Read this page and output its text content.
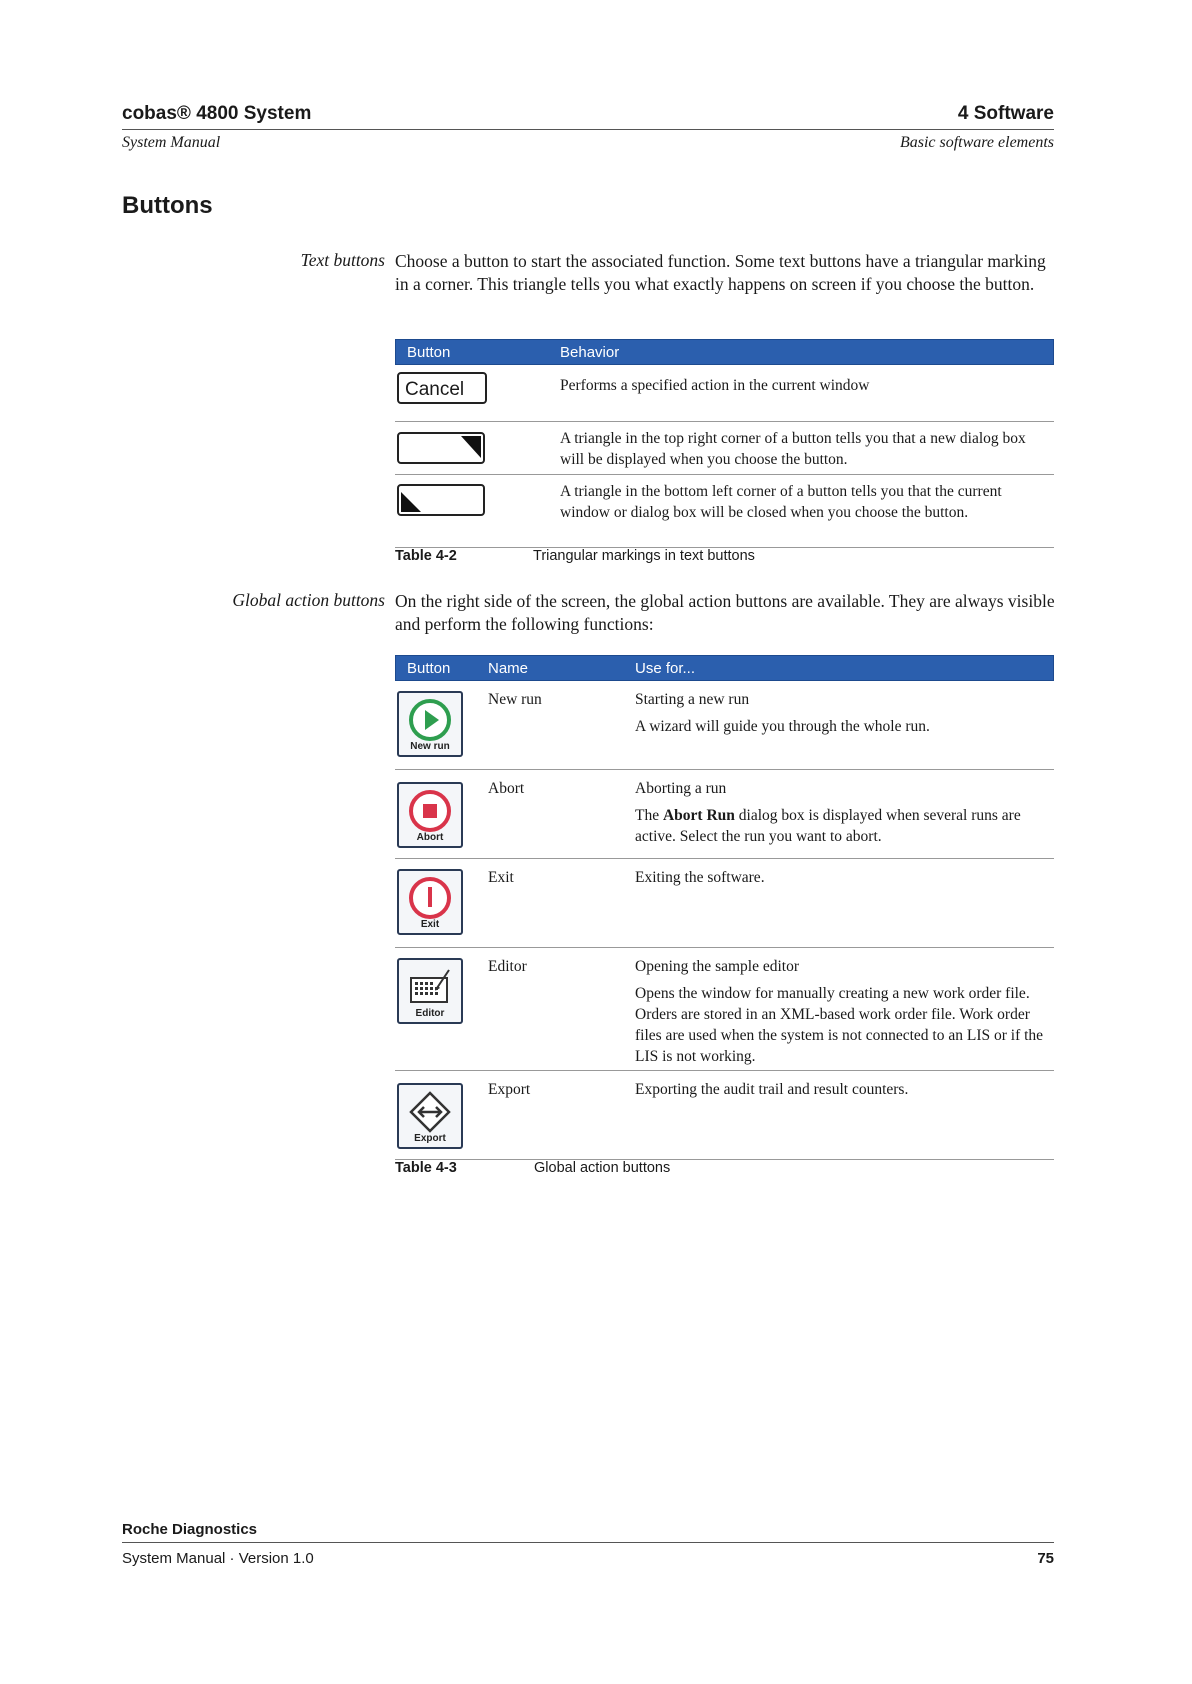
cobas® 4800 System	4 Software
System Manual	Basic software elements
Buttons
Text buttons Choose a button to start the associated function. Some text buttons have a triangular marking in a corner. This triangle tells you what exactly happens on screen if you choose the button.
Button	Behavior
Cancel	Performs a specified action in the current window
A triangle in the top right corner of a button tells you that a new dialog box will be displayed when you choose the button.
A triangle in the bottom left corner of a button tells you that the current window or dialog box will be closed when you choose the button.
Table 4-2	Triangular markings in text buttons
Global action buttons On the right side of the screen, the global action buttons are available. They are always visible and perform the following functions:
Button	Name	Use for...
New run
New run	Starting a new run
A wizard will guide you through the whole run.
Abort
Abort	Aborting a run
The Abort Run dialog box is displayed when several runs are active. Select the run you want to abort.
Exit
Exit	Exiting the software.
Editor
Editor	Opening the sample editor
Opens the window for manually creating a new work order file. Orders are stored in an XML-based work order file. Work order files are used when the system is not connected to an LIS or if the LIS is not working.
Export
Export	Exporting the audit trail and result counters.
Table 4-3	Global action buttons
Roche Diagnostics
System Manual · Version 1.0	75
